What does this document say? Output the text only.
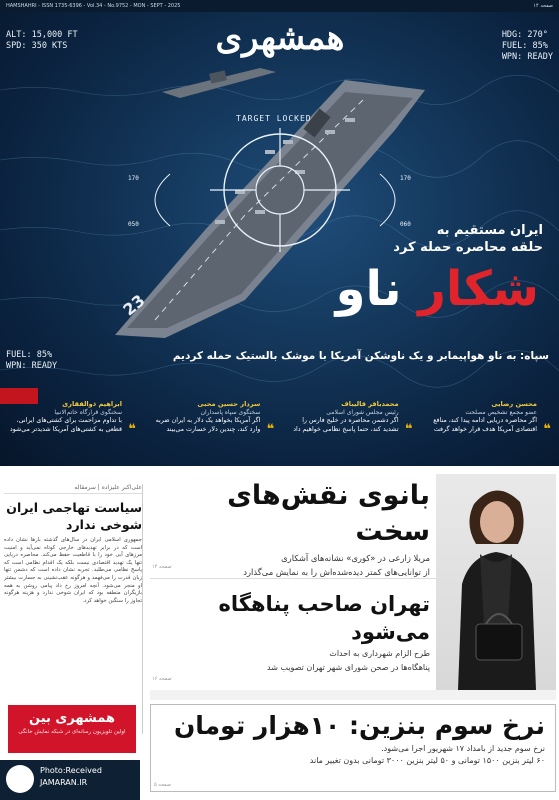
HAMSHAHRI - ISSN 1735-6396 - Vol.34 - No.9752 - MON - SEPT - 2025	۱۴ صفحه
23
TARGET LOCKED
170
050
170
060
همشهری
ALT: 15,000 FT
SPD: 350 KTS
HDG: 270°
FUEL: 85%
WPN: READY
FUEL: 85%
WPN: READY
ایران مستقیم به
حلقه محاصره حمله کرد
شکار ناو
سپاه: به ناو هواپیمابر و یک ناوشکن آمریکا با موشک بالستیک حمله کردیم
❝
محسن رضایی
عضو مجمع تشخیص مصلحت
اگر محاصره دریایی ادامه پیدا کند، منافع اقتصادی آمریکا هدف قرار خواهد گرفت
❝
محمدباقر قالیباف
رئیس مجلس شورای اسلامی
اگر دشمن محاصره در خلیج فارس را تشدید کند، حتما پاسخ نظامی خواهیم داد
❝
سردار حسین محبی
سخنگوی سپاه پاسداران
اگر آمریکا بخواهد یک دلار به ایران ضربه وارد کند، چندین دلار خسارت می‌بیند
❝
ابراهیم ذوالفقاری
سخنگوی قرارگاه خاتم‌الانبیا
با تداوم مزاحمت برای کشتی‌های ایرانی، قطعی به کشتی‌های آمریکا شدیدتر می‌شود
علی‌اکبر علیزاده | سرمقاله
سیاست تهاجمی ایران شوخی ندارد
جمهوری اسلامی ایران در سال‌های گذشته بارها نشان داده است که در برابر تهدیدهای خارجی کوتاه نمی‌آید و امنیت مرزهای آبی خود را با قاطعیت حفظ می‌کند. محاصره دریایی تنها یک تهدید اقتصادی نیست بلکه یک اقدام نظامی است که پاسخ نظامی می‌طلبد. تجربه نشان داده است که دشمن تنها زبان قدرت را می‌فهمد و هرگونه عقب‌نشینی به جسارت بیشتر او منجر می‌شود. آنچه امروز رخ داد پیامی روشن به همه بازیگران منطقه بود که ایران شوخی ندارد و هزینه هرگونه تجاوز را سنگین خواهد کرد.
همشهری بین
اولین تلویزیون رسانه‌ای در شبکه نمایش خانگی
Photo:Received
JAMARAN.IR
بانوی نقش‌های سخت

مریلا زارعی در «کوری» نشانه‌های آشکاری

از توانایی‌های کمتر دیده‌شده‌اش را به نمایش می‌گذارد

صفحه ۱۴
تهران صاحب پناهگاه می‌شود

طرح الزام شهرداری به احداث

پناهگاه‌ها در صحن شورای شهر تهران تصویب شد

صفحه ۱۶
نرخ سوم بنزین: ۱۰هزار تومان

نرخ سوم جدید از بامداد ۱۷ شهریور اجرا می‌شود.

۶۰ لیتر بنزین ۱۵۰۰ تومانی و ۵۰ لیتر بنزین ۳۰۰۰ تومانی بدون تغییر ماند

صفحه ۵
